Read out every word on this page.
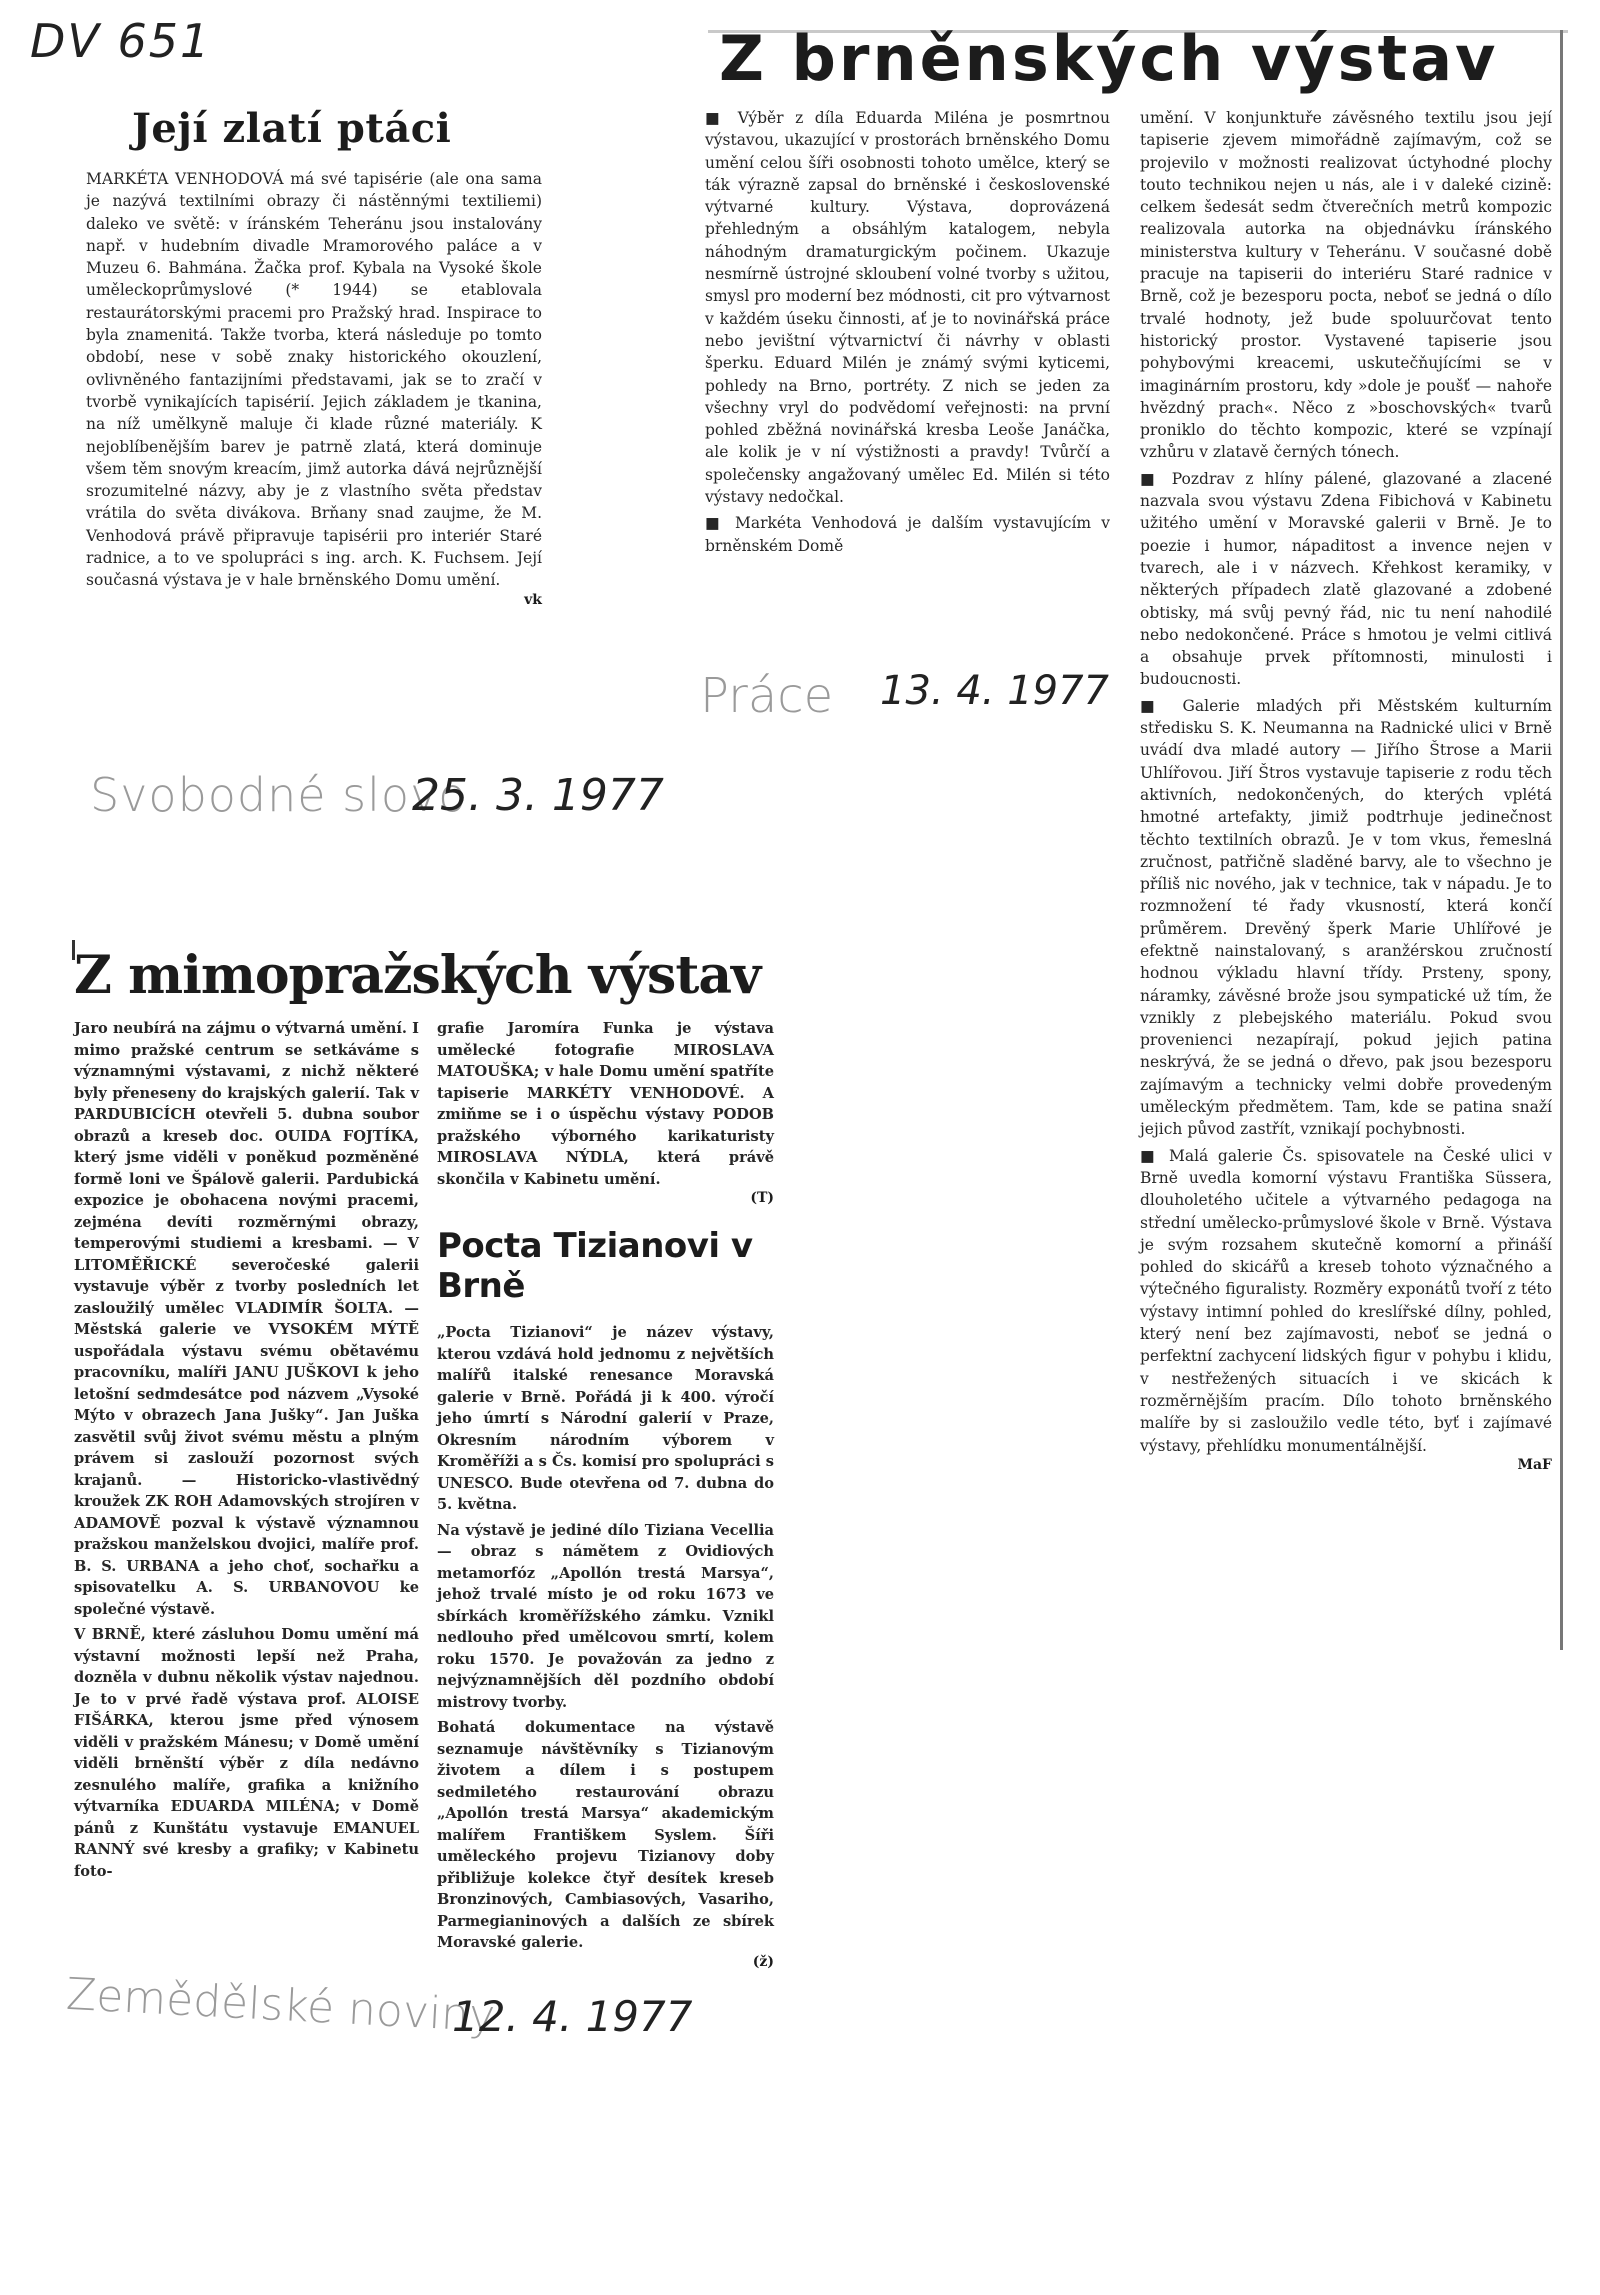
DV 651
Její zlatí ptáci

MARKÉTA VENHODOVÁ má své tapisérie (ale ona sama je nazývá textilními obrazy či nástěnnými textiliemi) daleko ve světě: v íránském Teheránu jsou instalovány např. v hudebním divadle Mramorového paláce a v Muzeu 6. Bahmána. Žačka prof. Kybala na Vysoké škole uměleckoprůmyslové (* 1944) se etablovala restaurátorskými pracemi pro Pražský hrad. Inspirace to byla znamenitá. Takže tvorba, která následuje po tomto období, nese v sobě znaky historického okouzlení, ovlivněného fantazijními představami, jak se to zračí v tvorbě vynikajících tapisérií. Jejich základem je tkanina, na níž umělkyně maluje či klade různé materiály. K nejoblíbenějším barev je patrně zlatá, která dominuje všem těm snovým kreacím, jimž autorka dává nejrůznější srozumitelné názvy, aby je z vlastního světa představ vrátila do světa divákova. Brňany snad zaujme, že M. Venhodová právě připravuje tapisérii pro interiér Staré radnice, a to ve spolupráci s ing. arch. K. Fuchsem. Její současná výstava je v hale brněnského Domu umění.

vk

Svobodné slovo
25. 3. 1977
Z brněnských výstav

■ Výběr z díla Eduarda Miléna je posmrtnou výstavou, ukazující v prostorách brněnského Domu umění celou šíři osobnosti tohoto umělce, který se ták výrazně zapsal do brněnské i československé výtvarné kultury. Výstava, doprovázená přehledným a obsáhlým katalogem, nebyla náhodným dramaturgickým počinem. Ukazuje nesmírně ústrojné skloubení volné tvorby s užitou, smysl pro moderní bez módnosti, cit pro výtvarnost v každém úseku činnosti, ať je to novinářská práce nebo jevištní výtvarnictví či návrhy v oblasti šperku. Eduard Milén je známý svými kyticemi, pohledy na Brno, portréty. Z nich se jeden za všechny vryl do podvědomí veřejnosti: na první pohled zběžná novinářská kresba Leoše Janáčka, ale kolik je v ní výstižnosti a pravdy! Tvůrčí a společensky angažovaný umělec Ed. Milén si této výstavy nedočkal.

■ Markéta Venhodová je dalším vystavujícím v brněnském Domě

umění. V konjunktuře závěsného textilu jsou její tapiserie zjevem mimořádně zajímavým, což se projevilo v možnosti realizovat úctyhodné plochy touto technikou nejen u nás, ale i v daleké cizině: celkem šedesát sedm čtverečních metrů kompozic realizovala autorka na objednávku íránského ministerstva kultury v Teheránu. V současné době pracuje na tapiserii do interiéru Staré radnice v Brně, což je bezesporu pocta, neboť se jedná o dílo trvalé hodnoty, jež bude spoluurčovat tento historický prostor. Vystavené tapiserie jsou pohybovými kreacemi, uskutečňujícími se v imaginárním prostoru, kdy »dole je poušť — nahoře hvězdný prach«. Něco z »boschovských« tvarů proniklo do těchto kompozic, které se vzpínají vzhůru v zlatavě černých tónech.

■ Pozdrav z hlíny pálené, glazované a zlacené nazvala svou výstavu Zdena Fibichová v Kabinetu užitého umění v Moravské galerii v Brně. Je to poezie i humor, nápaditost a invence nejen v tvarech, ale i v názvech. Křehkost keramiky, v některých případech zlatě glazované a zdobené obtisky, má svůj pevný řád, nic tu není nahodilé nebo nedokončené. Práce s hmotou je velmi citlivá a obsahuje prvek přítomnosti, minulosti i budoucnosti.

■ Galerie mladých při Městském kulturním středisku S. K. Neumanna na Radnické ulici v Brně uvádí dva mladé autory — Jiřího Štrose a Marii Uhlířovou. Jiří Štros vystavuje tapiserie z rodu těch aktivních, nedokončených, do kterých vplétá hmotné artefakty, jimiž podtrhuje jedinečnost těchto textilních obrazů. Je v tom vkus, řemeslná zručnost, patřičně sladěné barvy, ale to všechno je příliš nic nového, jak v technice, tak v nápadu. Je to rozmnožení té řady vkusností, která končí průměrem. Drevěný šperk Marie Uhlířové je efektně nainstalovaný, s aranžérskou zručností hodnou výkladu hlavní třídy. Prsteny, spony, náramky, závěsné brože jsou sympatické už tím, že vznikly z plebejského materiálu. Pokud svou provenienci nezapírají, pokud jejich patina neskrývá, že se jedná o dřevo, pak jsou bezesporu zajímavým a technicky velmi dobře provedeným uměleckým předmětem. Tam, kde se patina snaží jejich původ zastřít, vznikají pochybnosti.

■ Malá galerie Čs. spisovatele na České ulici v Brně uvedla komorní výstavu Františka Süssera, dlouholetého učitele a výtvarného pedagoga na střední umělecko-průmyslové škole v Brně. Výstava je svým rozsahem skutečně komorní a přináší pohled do skicářů a kreseb tohoto význačného a výtečného figuralisty. Rozměry exponátů tvoří z této výstavy intimní pohled do kreslířské dílny, pohled, který není bez zajímavosti, neboť se jedná o perfektní zachycení lidských figur v pohybu i klidu, v nestřežených situacích i ve skicách k rozměrnějším pracím. Dílo tohoto brněnského malíře by si zasloužilo vedle této, byť i zajímavé výstavy, přehlídku monumentálnější.

MaF

Práce 13. 4. 1977
Z mimopražských výstav

Jaro neubírá na zájmu o výtvarná umění. I mimo pražské centrum se setkáváme s významnými výstavami, z nichž některé byly přeneseny do krajských galerií. Tak v PARDUBICÍCH otevřeli 5. dubna soubor obrazů a kreseb doc. OUIDA FOJTÍKA, který jsme viděli v poněkud pozměněné formě loni ve Špálově galerii. Pardubická expozice je obohacena novými pracemi, zejména devíti rozměrnými obrazy, temperovými studiemi a kresbami. — V LITOMĚŘICKÉ severočeské galerii vystavuje výběr z tvorby posledních let zasloužilý umělec VLADIMÍR ŠOLTA. — Městská galerie ve VYSOKÉM MÝTĚ uspořádala výstavu svému obětavému pracovníku, malíři JANU JUŠKOVI k jeho letošní sedmdesátce pod názvem „Vysoké Mýto v obrazech Jana Jušky“. Jan Juška zasvětil svůj život svému městu a plným právem si zaslouží pozornost svých krajanů. — Historicko-vlastivědný kroužek ZK ROH Adamovských strojíren v ADAMOVĚ pozval k výstavě významnou pražskou manželskou dvojici, malíře prof. B. S. URBANA a jeho choť, sochařku a spisovatelku A. S. URBANOVOU ke společné výstavě.

V BRNĚ, které zásluhou Domu umění má výstavní možnosti lepší než Praha, dozněla v dubnu několik výstav najednou. Je to v prvé řadě výstava prof. ALOISE FIŠÁRKA, kterou jsme před výnosem viděli v pražském Mánesu; v Domě umění viděli brněnští výběr z díla nedávno zesnulého malíře, grafika a knižního výtvarníka EDUARDA MILÉNA; v Domě pánů z Kunštátu vystavuje EMANUEL RANNÝ své kresby a grafiky; v Kabinetu foto-

grafie Jaromíra Funka je výstava umělecké fotografie MIROSLAVA MATOUŠKA; v hale Domu umění spatříte tapiserie MARKÉTY VENHODOVÉ. A zmiňme se i o úspěchu výstavy PODOB pražského výborného karikaturisty MIROSLAVA NÝDLA, která právě skončila v Kabinetu umění.

(T)

Pocta Tizianovi v Brně

„Pocta Tizianovi“ je název výstavy, kterou vzdává hold jednomu z největších malířů italské renesance Moravská galerie v Brně. Pořádá ji k 400. výročí jeho úmrtí s Národní galerií v Praze, Okresním národním výborem v Kroměříži a s Čs. komisí pro spolupráci s UNESCO. Bude otevřena od 7. dubna do 5. května.

Na výstavě je jediné dílo Tiziana Vecellia — obraz s námětem z Ovidiových metamorfóz „Apollón trestá Marsya“, jehož trvalé místo je od roku 1673 ve sbírkách kroměřížského zámku. Vznikl nedlouho před umělcovou smrtí, kolem roku 1570. Je považován za jedno z nejvýznamnějších děl pozdního období mistrovy tvorby.

Bohatá dokumentace na výstavě seznamuje návštěvníky s Tizianovým životem a dílem i s postupem sedmiletého restaurování obrazu „Apollón trestá Marsya“ akademickým malířem Františkem Syslem. Šíři uměleckého projevu Tizianovy doby přibližuje kolekce čtyř desítek kreseb Bronzinových, Cambiasových, Vasariho, Parmegianinových a dalších ze sbírek Moravské galerie.

(ž)

Zemědělské noviny
12. 4. 1977
